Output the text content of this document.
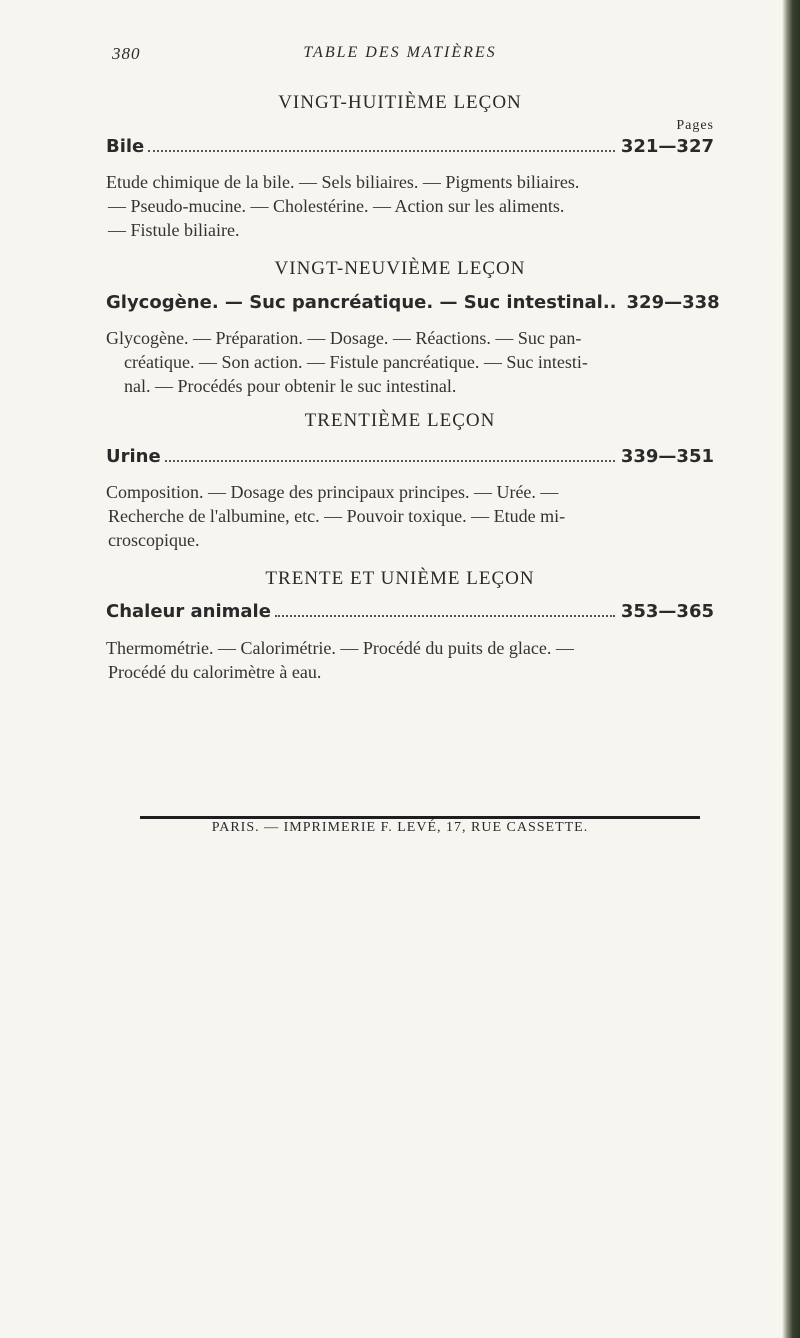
380	TABLE DES MATIÈRES
VINGT-HUITIÈME LEÇON
Pages
Bile	321—327
Etude chimique de la bile. — Sels biliaires. — Pigments biliaires.
— Pseudo-mucine. — Cholestérine. — Action sur les aliments.
— Fistule biliaire.
VINGT-NEUVIÈME LEÇON
Glycogène. — Suc pancréatique. — Suc intestinal.. 329—338
Glycogène. — Préparation. — Dosage. — Réactions. — Suc pan-
créatique. — Son action. — Fistule pancréatique. — Suc intesti-
nal. — Procédés pour obtenir le suc intestinal.
TRENTIÈME LEÇON
Urine	339—351
Composition. — Dosage des principaux principes. — Urée. —
Recherche de l'albumine, etc. — Pouvoir toxique. — Etude mi-
croscopique.
TRENTE ET UNIÈME LEÇON
Chaleur animale	353—365
Thermométrie. — Calorimétrie. — Procédé du puits de glace. —
Procédé du calorimètre à eau.
PARIS. — IMPRIMERIE F. LEVÉ, 17, RUE CASSETTE.
